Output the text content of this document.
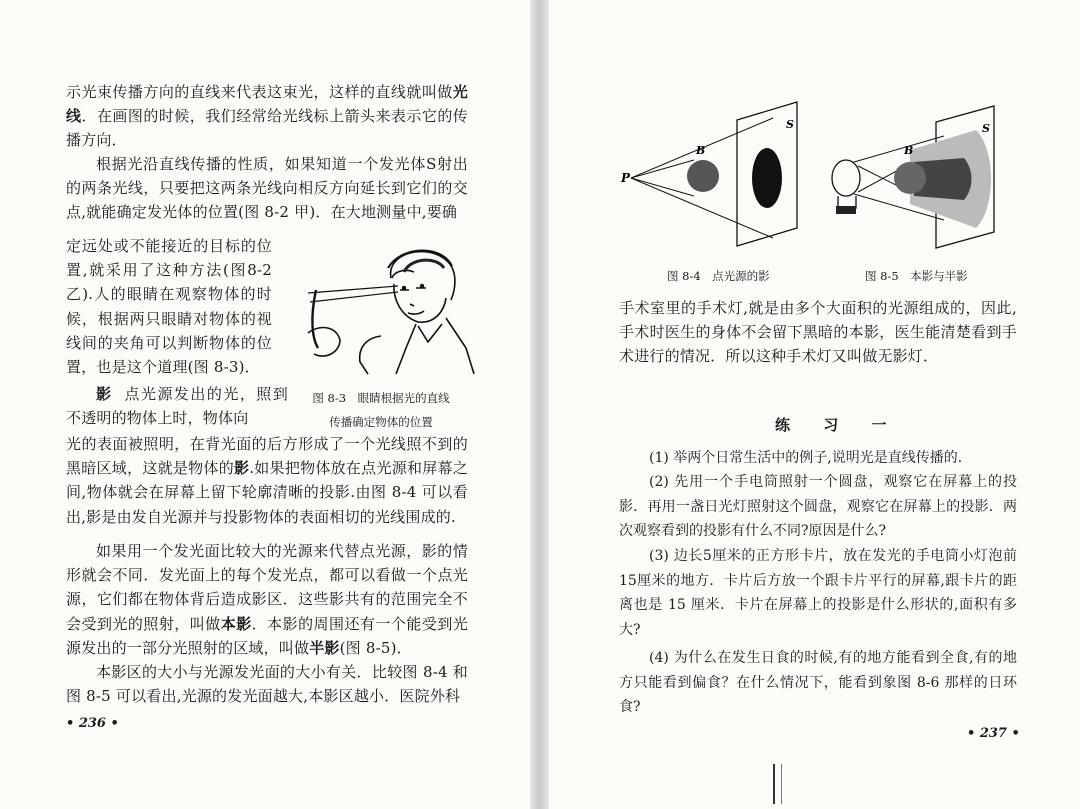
示光束传播方向的直线来代表这束光，这样的直线就叫做光线．在画图的时候，我们经常给光线标上箭头来表示它的传播方向．

根据光沿直线传播的性质，如果知道一个发光体S射出的两条光线，只要把这两条光线向相反方向延长到它们的交点,就能确定发光体的位置(图 8-2 甲)．在大地测量中,要确

定远处或不能接近的目标的位置,就采用了这种方法(图8-2乙).人的眼睛在观察物体的时候，根据两只眼睛对物体的视线间的夹角可以判断物体的位置，也是这个道理(图 8-3)．

影 点光源发出的光，照到不透明的物体上时，物体向

图 8-3　眼睛根据光的直线
传播确定物体的位置

光的表面被照明，在背光面的后方形成了一个光线照不到的黑暗区域，这就是物体的影.如果把物体放在点光源和屏幕之间,物体就会在屏幕上留下轮廓清晰的投影.由图 8-4 可以看出,影是由发自光源并与投影物体的表面相切的光线围成的.

如果用一个发光面比较大的光源来代替点光源，影的情形就会不同．发光面上的每个发光点，都可以看做一个点光源，它们都在物体背后造成影区．这些影共有的范围完全不会受到光的照射，叫做本影．本影的周围还有一个能受到光源发出的一部分光照射的区域，叫做半影(图 8-5)．

本影区的大小与光源发光面的大小有关．比较图 8-4 和图 8-5 可以看出,光源的发光面越大,本影区越小．医院外科

• 236 •
P
B
S
B
S
图 8-4　点光源的影	图 8-5　本影与半影

手术室里的手术灯,就是由多个大面积的光源组成的，因此,手术时医生的身体不会留下黑暗的本影，医生能清楚看到手术进行的情况．所以这种手术灯又叫做无影灯．

练 习 一

(1) 举两个日常生活中的例子,说明光是直线传播的．

(2) 先用一个手电筒照射一个圆盘，观察它在屏幕上的投影．再用一盏日光灯照射这个圆盘，观察它在屏幕上的投影．两次观察看到的投影有什么不同?原因是什么?

(3) 边长5厘米的正方形卡片，放在发光的手电筒小灯泡前 15厘米的地方．卡片后方放一个跟卡片平行的屏幕,跟卡片的距离也是 15 厘米．卡片在屏幕上的投影是什么形状的,面积有多大?

(4) 为什么在发生日食的时候,有的地方能看到全食,有的地方只能看到偏食？在什么情况下，能看到象图 8-6 那样的日环食?

• 237 •
